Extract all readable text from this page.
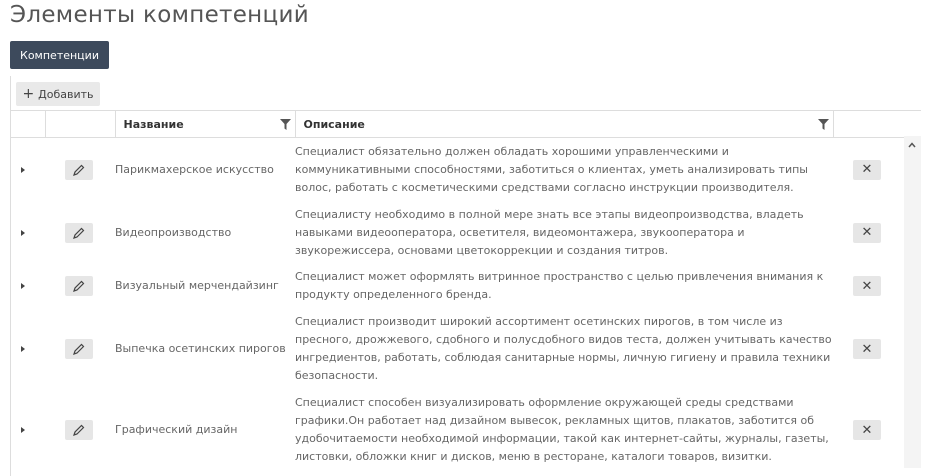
Элементы компетенций
Компетенции
+ Добавить
		Название	Описание

	Парикмахерское искусство	Специалист обязательно должен обладать хорошими управленческими и коммуникативными способностями, заботиться о клиентах, уметь анализировать типы волос, работать с косметическими средствами согласно инструкции производителя.	✕

	Видеопроизводство	Специалисту необходимо в полной мере знать все этапы видеопроизводства, владеть навыками видеооператора, осветителя, видеомонтажера, звукооператора и звукорежиссера, основами цветокоррекции и создания титров.	✕

	Визуальный мерчендайзинг	Специалист может оформлять витринное пространство с целью привлечения внимания к продукту определенного бренда.	✕

	Выпечка осетинских пирогов	Специалист производит широкий ассортимент осетинских пирогов, в том числе из пресного, дрожжевого, сдобного и полусдобного видов теста, должен учитывать качество ингредиентов, работать, соблюдая санитарные нормы, личную гигиену и правила техники безопасности.	✕

	Графический дизайн	Специалист способен визуализировать оформление окружающей среды средствами графики.Он работает над дизайном вывесок, рекламных щитов, плакатов, заботится об удобочитаемости необходимой информации, такой как интернет-сайты, журналы, газеты, листовки, обложки книг и дисков, меню в ресторане, каталоги товаров, визитки.	✕
